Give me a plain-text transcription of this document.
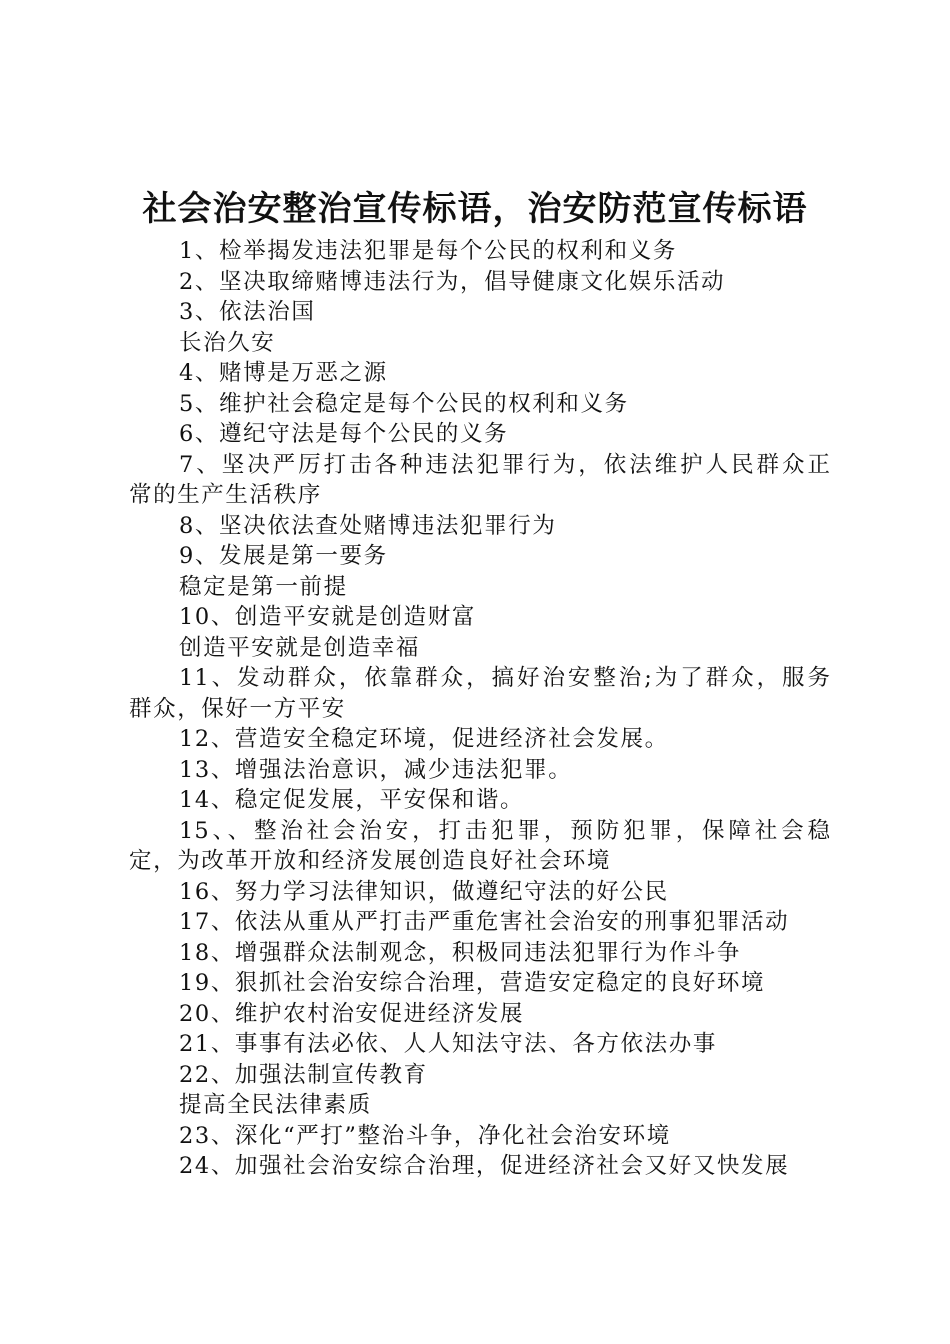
社会治安整治宣传标语，治安防范宣传标语
1、检举揭发违法犯罪是每个公民的权利和义务
2、坚决取缔赌博违法行为，倡导健康文化娱乐活动
3、依法治国
长治久安
4、赌博是万恶之源
5、维护社会稳定是每个公民的权利和义务
6、遵纪守法是每个公民的义务
7、坚决严厉打击各种违法犯罪行为，依法维护人民群众正
常的生产生活秩序
8、坚决依法查处赌博违法犯罪行为
9、发展是第一要务
稳定是第一前提
10、创造平安就是创造财富
创造平安就是创造幸福
11、发动群众，依靠群众，搞好治安整治;为了群众，服务
群众，保好一方平安
12、营造安全稳定环境，促进经济社会发展。
13、增强法治意识，减少违法犯罪。
14、稳定促发展，平安保和谐。
15、、整治社会治安，打击犯罪，预防犯罪，保障社会稳
定，为改革开放和经济发展创造良好社会环境
16、努力学习法律知识，做遵纪守法的好公民
17、依法从重从严打击严重危害社会治安的刑事犯罪活动
18、增强群众法制观念，积极同违法犯罪行为作斗争
19、狠抓社会治安综合治理，营造安定稳定的良好环境
20、维护农村治安促进经济发展
21、事事有法必依、人人知法守法、各方依法办事
22、加强法制宣传教育
提高全民法律素质
23、深化“严打”整治斗争，净化社会治安环境
24、加强社会治安综合治理，促进经济社会又好又快发展
